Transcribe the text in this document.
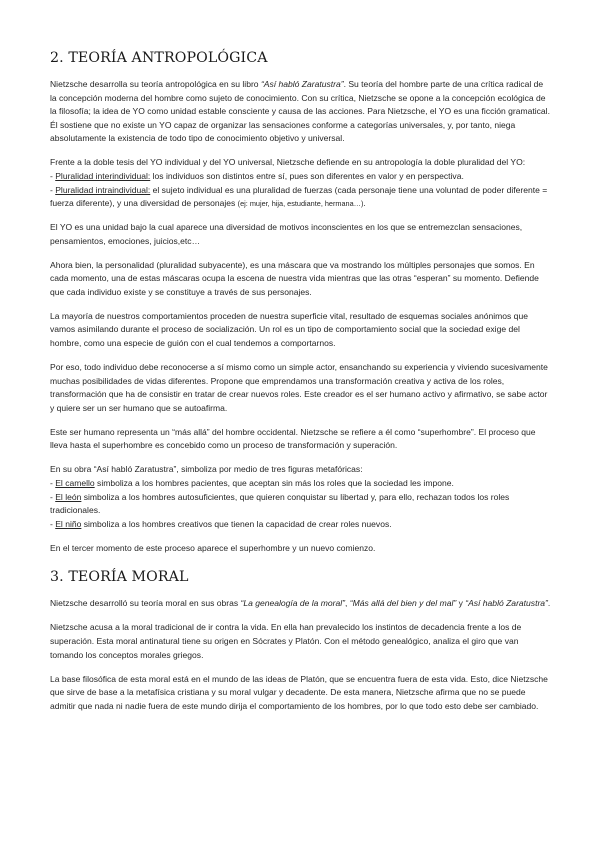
2. TEORÍA ANTROPOLÓGICA

Nietzsche desarrolla su teoría antropológica en su libro “Así habló Zaratustra”. Su teoría del hombre parte de una crítica radical de la concepción moderna del hombre como sujeto de conocimiento. Con su crítica, Nietzsche se opone a la concepción ecológica de la filosofía; la idea de YO como unidad estable consciente y causa de las acciones. Para Nietzsche, el YO es una ficción gramatical. Él sostiene que no existe un YO capaz de organizar las sensaciones conforme a categorías universales, y, por tanto, niega absolutamente la existencia de todo tipo de conocimiento objetivo y universal.

Frente a la doble tesis del YO individual y del YO universal, Nietzsche defiende en su antropología la doble pluralidad del YO:
- Pluralidad interindividual: los individuos son distintos entre sí, pues son diferentes en valor y en perspectiva.
- Pluralidad intraindividual: el sujeto individual es una pluralidad de fuerzas (cada personaje tiene una voluntad de poder diferente = fuerza diferente), y una diversidad de personajes (ej: mujer, hija, estudiante, hermana…).

El YO es una unidad bajo la cual aparece una diversidad de motivos inconscientes en los que se entremezclan sensaciones, pensamientos, emociones, juicios,etc…

Ahora bien, la personalidad (pluralidad subyacente), es una máscara que va mostrando los múltiples personajes que somos. En cada momento, una de estas máscaras ocupa la escena de nuestra vida mientras que las otras “esperan” su momento. Defiende que cada individuo existe y se constituye a través de sus personajes.

La mayoría de nuestros comportamientos proceden de nuestra superficie vital, resultado de esquemas sociales anónimos que vamos asimilando durante el proceso de socialización. Un rol es un tipo de comportamiento social que la sociedad exige del hombre, como una especie de guión con el cual tendemos a comportarnos.

Por eso, todo individuo debe reconocerse a sí mismo como un simple actor, ensanchando su experiencia y viviendo sucesivamente muchas posibilidades de vidas diferentes. Propone que emprendamos una transformación creativa y activa de los roles, transformación que ha de consistir en tratar de crear nuevos roles. Este creador es el ser humano activo y afirmativo, se sabe actor y quiere ser un ser humano que se autoafirma.

Este ser humano representa un “más allá” del hombre occidental. Nietzsche se refiere a él como “superhombre”. El proceso que lleva hasta el superhombre es concebido como un proceso de transformación y superación.

En su obra “Así habló Zaratustra”, simboliza por medio de tres figuras metafóricas:
- El camello simboliza a los hombres pacientes, que aceptan sin más los roles que la sociedad les impone.
- El león simboliza a los hombres autosuficientes, que quieren conquistar su libertad y, para ello, rechazan todos los roles tradicionales.
- El niño simboliza a los hombres creativos que tienen la capacidad de crear roles nuevos.

En el tercer momento de este proceso aparece el superhombre y un nuevo comienzo.

3. TEORÍA MORAL

Nietzsche desarrolló su teoría moral en sus obras “La genealogía de la moral”, “Más allá del bien y del mal” y “Así habló Zaratustra”.

Nietzsche acusa a la moral tradicional de ir contra la vida. En ella han prevalecido los instintos de decadencia frente a los de superación. Esta moral antinatural tiene su origen en Sócrates y Platón. Con el método genealógico, analiza el giro que van tomando los conceptos morales griegos.

La base filosófica de esta moral está en el mundo de las ideas de Platón, que se encuentra fuera de esta vida. Esto, dice Nietzsche que sirve de base a la metafísica cristiana y su moral vulgar y decadente. De esta manera, Nietzsche afirma que no se puede admitir que nada ni nadie fuera de este mundo dirija el comportamiento de los hombres, por lo que todo esto debe ser cambiado.
